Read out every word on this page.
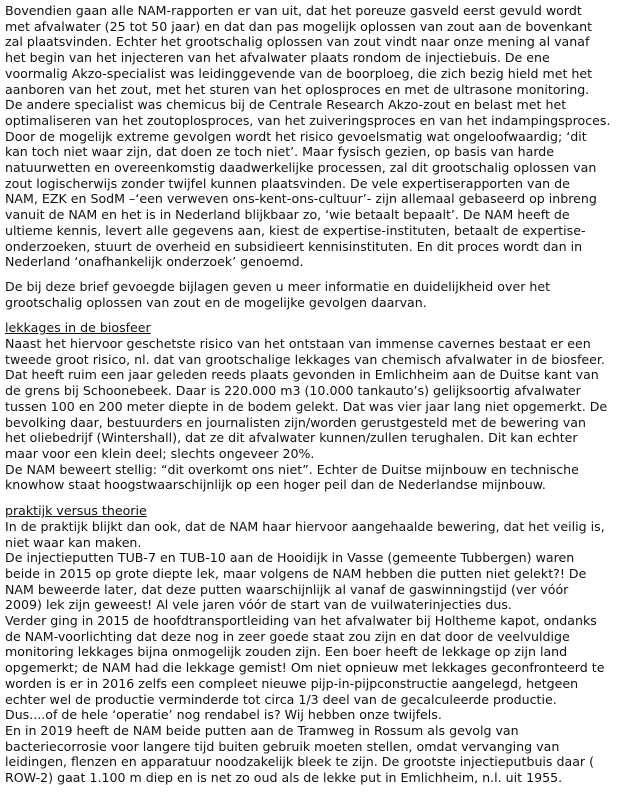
Bovendien gaan alle NAM-rapporten er van uit, dat het poreuze gasveld eerst gevuld wordt
met afvalwater (25 tot 50 jaar) en dat dan pas mogelijk oplossen van zout aan de bovenkant
zal plaatsvinden. Echter het grootschalig oplossen van zout vindt naar onze mening al vanaf
het begin van het injecteren van het afvalwater plaats rondom de injectiebuis. De ene
voormalig Akzo-specialist was leidinggevende van de boorploeg, die zich bezig hield met het
aanboren van het zout, met het sturen van het oplosproces en met de ultrasone monitoring.
De andere specialist was chemicus bij de Centrale Research Akzo-zout en belast met het
optimaliseren van het zoutoplosproces, van het zuiveringsproces en van het indampingsproces.
Door de mogelijk extreme gevolgen wordt het risico gevoelsmatig wat ongeloofwaardig; ‘dit
kan toch niet waar zijn, dat doen ze toch niet’. Maar fysisch gezien, op basis van harde
natuurwetten en overeenkomstig daadwerkelijke processen, zal dit grootschalig oplossen van
zout logischerwijs zonder twijfel kunnen plaatsvinden. De vele expertiserapporten van de
NAM, EZK en SodM –‘een verweven ons-kent-ons-cultuur’- zijn allemaal gebaseerd op inbreng
vanuit de NAM en het is in Nederland blijkbaar zo, ‘wie betaalt bepaalt’. De NAM heeft de
ultieme kennis, levert alle gegevens aan, kiest de expertise-instituten, betaalt de expertise-
onderzoeken, stuurt de overheid en subsidieert kennisinstituten. En dit proces wordt dan in
Nederland ‘onafhankelijk onderzoek’ genoemd.
De bij deze brief gevoegde bijlagen geven u meer informatie en duidelijkheid over het
grootschalig oplossen van zout en de mogelijke gevolgen daarvan.
lekkages in de biosfeer
Naast het hiervoor geschetste risico van het ontstaan van immense cavernes bestaat er een
tweede groot risico, nl. dat van grootschalige lekkages van chemisch afvalwater in de biosfeer.
Dat heeft ruim een jaar geleden reeds plaats gevonden in Emlichheim aan de Duitse kant van
de grens bij Schoonebeek. Daar is 220.000 m3 (10.000 tankauto’s) gelijksoortig afvalwater
tussen 100 en 200 meter diepte in de bodem gelekt. Dat was vier jaar lang niet opgemerkt. De
bevolking daar, bestuurders en journalisten zijn/worden gerustgesteld met de bewering van
het oliebedrijf (Wintershall), dat ze dit afvalwater kunnen/zullen terughalen. Dit kan echter
maar voor een klein deel; slechts ongeveer 20%.
De NAM beweert stellig: “dit overkomt ons niet”. Echter de Duitse mijnbouw en technische
knowhow staat hoogstwaarschijnlijk op een hoger peil dan de Nederlandse mijnbouw.
praktijk versus theorie
In de praktijk blijkt dan ook, dat de NAM haar hiervoor aangehaalde bewering, dat het veilig is,
niet waar kan maken.
De injectieputten TUB-7 en TUB-10 aan de Hooidijk in Vasse (gemeente Tubbergen) waren
beide in 2015 op grote diepte lek, maar volgens de NAM hebben die putten niet gelekt?! De
NAM beweerde later, dat deze putten waarschijnlijk al vanaf de gaswinningstijd (ver vóór
2009) lek zijn geweest! Al vele jaren vóór de start van de vuilwaterinjecties dus.
Verder ging in 2015 de hoofdtransportleiding van het afvalwater bij Holtheme kapot, ondanks
de NAM-voorlichting dat deze nog in zeer goede staat zou zijn en dat door de veelvuldige
monitoring lekkages bijna onmogelijk zouden zijn. Een boer heeft de lekkage op zijn land
opgemerkt; de NAM had die lekkage gemist! Om niet opnieuw met lekkages geconfronteerd te
worden is er in 2016 zelfs een compleet nieuwe pijp-in-pijpconstructie aangelegd, hetgeen
echter wel de productie verminderde tot circa 1/3 deel van de gecalculeerde productie.
Dus....of de hele ‘operatie’ nog rendabel is? Wij hebben onze twijfels.
En in 2019 heeft de NAM beide putten aan de Tramweg in Rossum als gevolg van
bacteriecorrosie voor langere tijd buiten gebruik moeten stellen, omdat vervanging van
leidingen, flenzen en apparatuur noodzakelijk bleek te zijn. De grootste injectieputbuis daar (
ROW-2) gaat 1.100 m diep en is net zo oud als de lekke put in Emlichheim, n.l. uit 1955.
